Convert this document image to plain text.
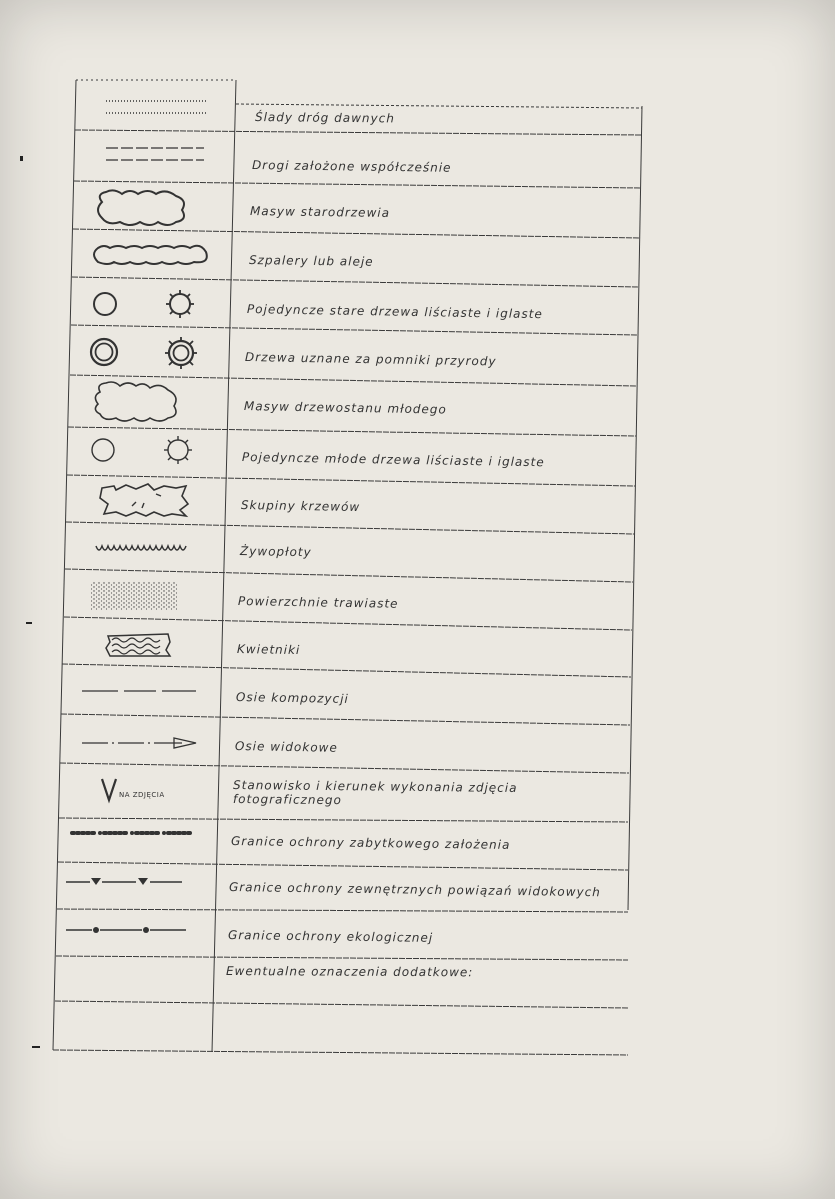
NA ZDJĘCIA
Ślady dróg dawnych
Drogi założone współcześnie
Masyw starodrzewia
Szpalery lub aleje
Pojedyncze stare drzewa liściaste i iglaste
Drzewa uznane za pomniki przyrody
Masyw drzewostanu młodego
Pojedyncze młode drzewa liściaste i iglaste
Skupiny krzewów
Żywopłoty
Powierzchnie trawiaste
Kwietniki
Osie kompozycji
Osie widokowe
Stanowisko i kierunek wykonania zdjęcia fotograficznego
Granice ochrony zabytkowego założenia
Granice ochrony zewnętrznych powiązań widokowych
Granice ochrony ekologicznej
Ewentualne oznaczenia dodatkowe:
